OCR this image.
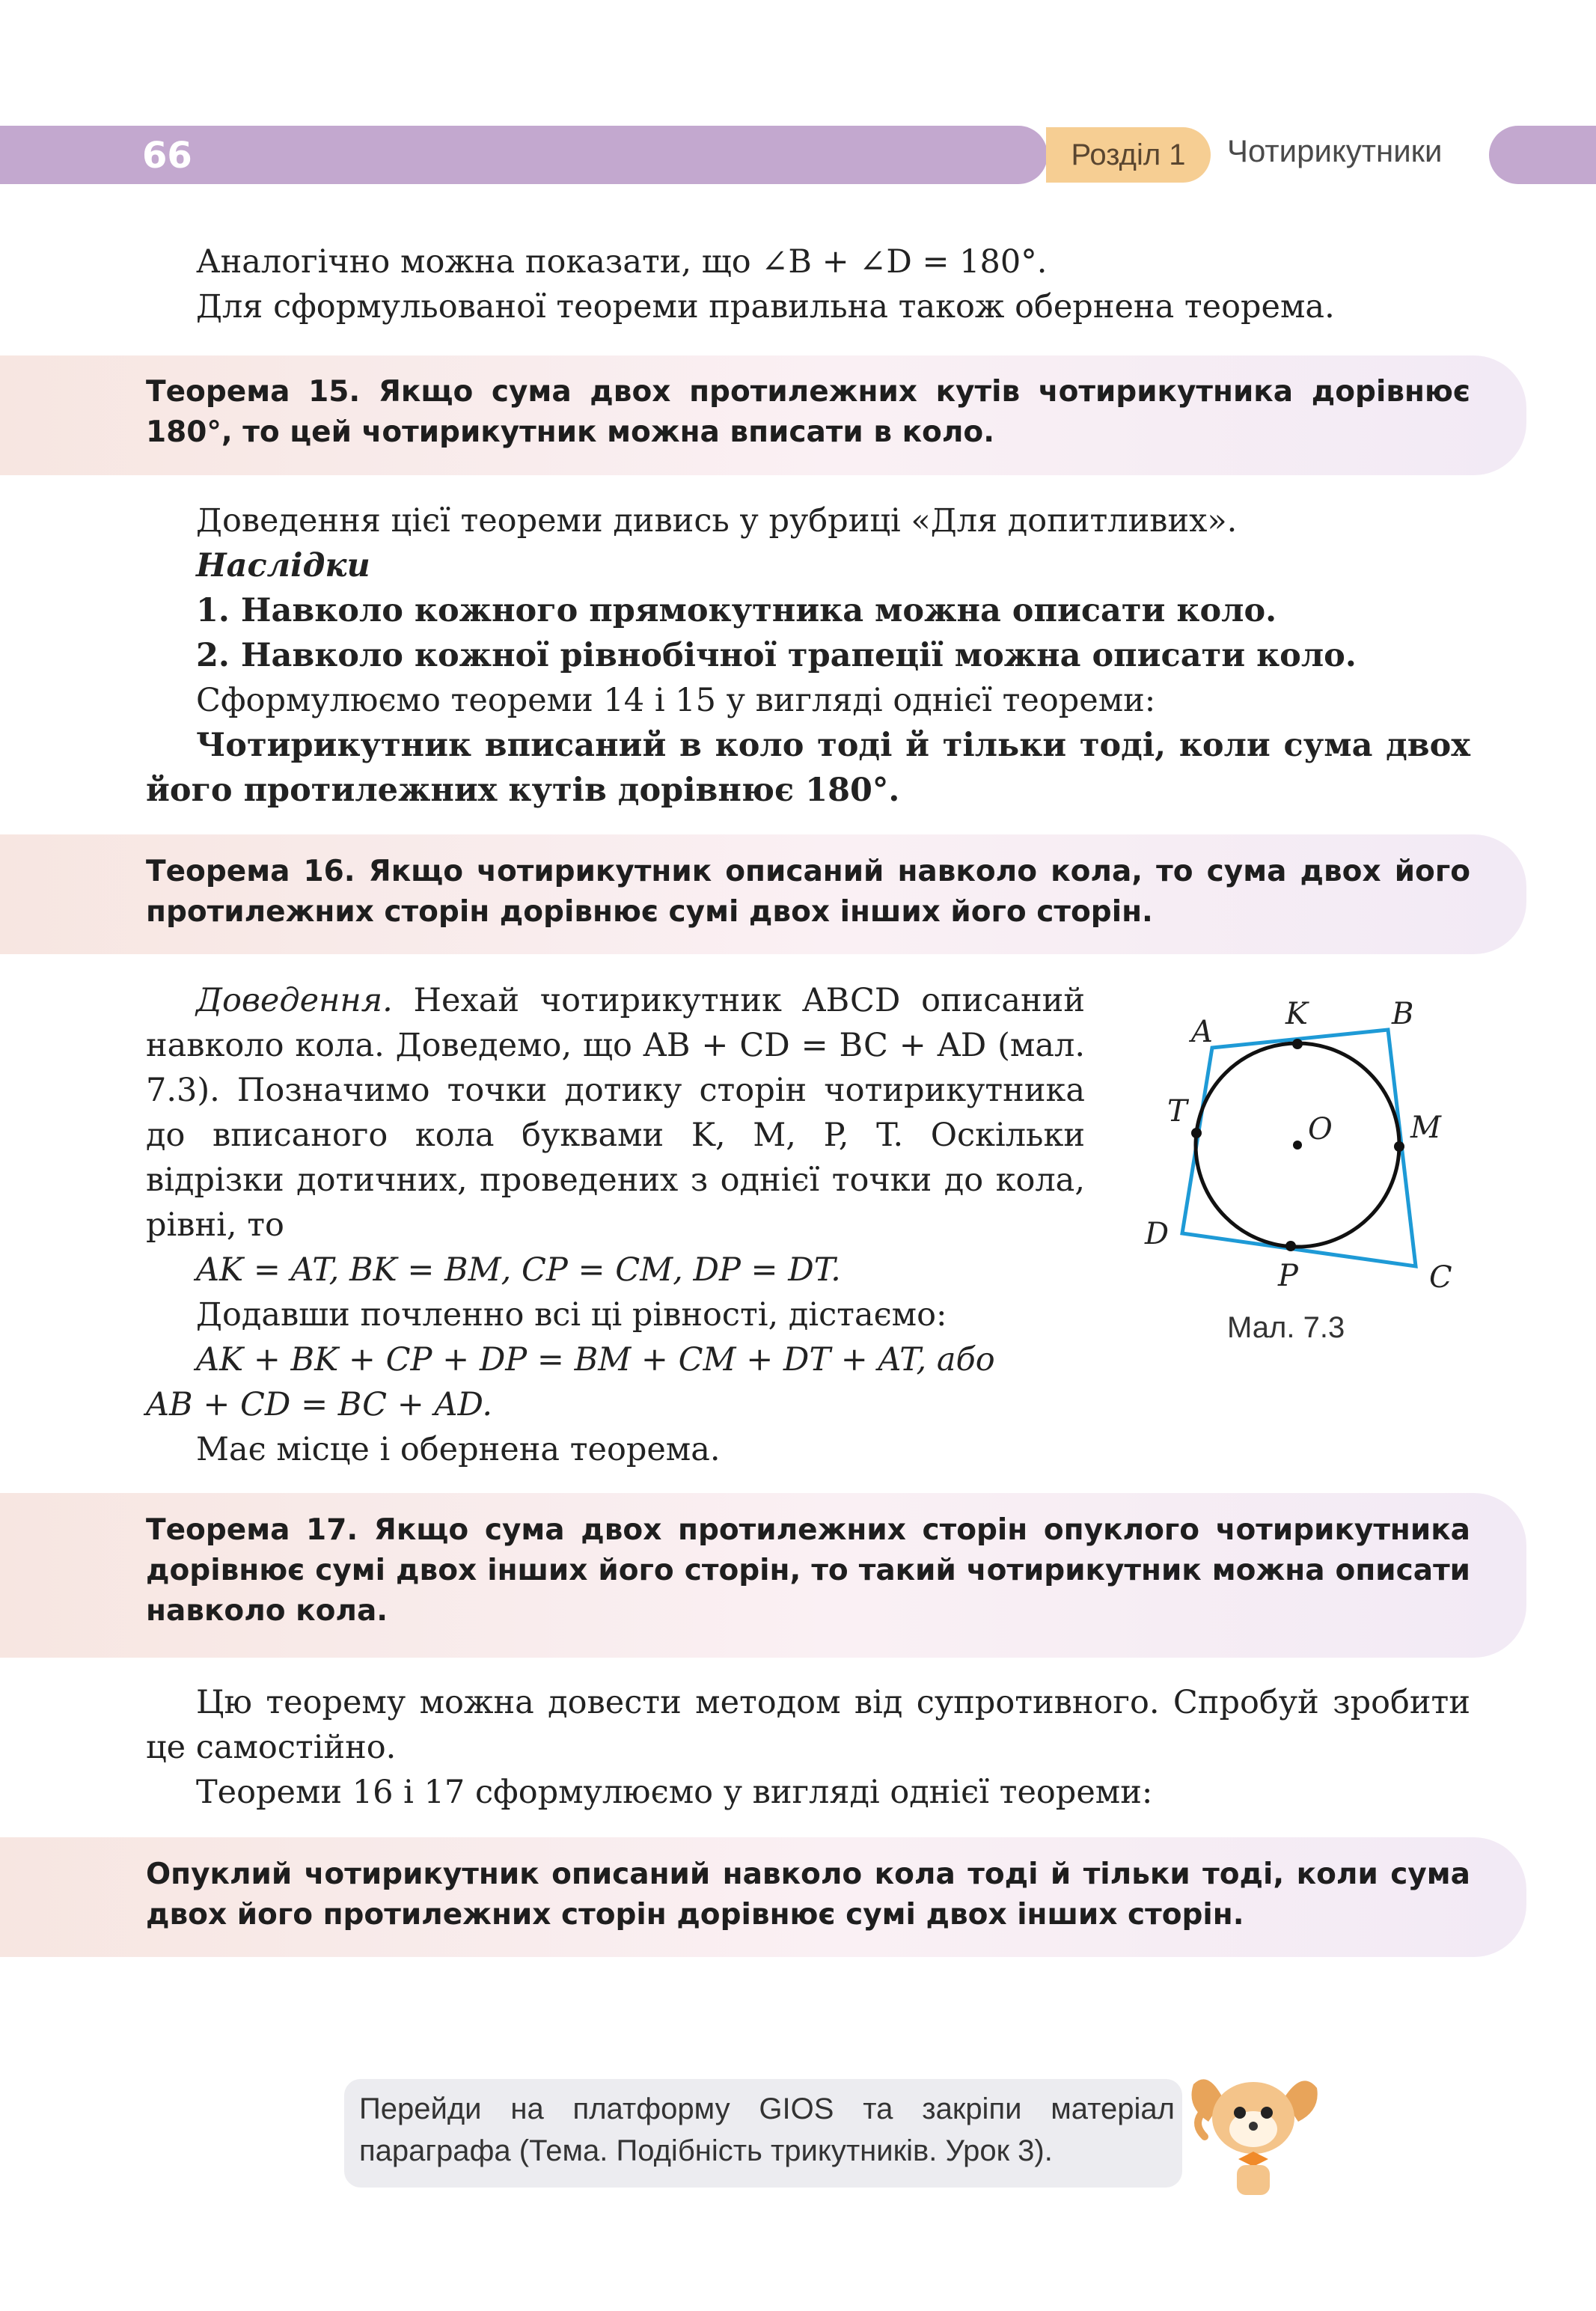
66	Розділ 1	Чотирикутники
Аналогічно можна показати, що ∠B + ∠D = 180°.
Для сформульованої теореми правильна також обернена теорема.
Теорема 15. Якщо сума двох протилежних кутів чотирикутника дорівнює 180°, то цей чотирикутник можна вписати в коло.
Доведення цієї теореми дивись у рубриці «Для допитливих».
Наслідки
1. Навколо кожного прямокутника можна описати коло.
2. Навколо кожної рівнобічної трапеції можна описати коло.
Сформулюємо теореми 14 і 15 у вигляді однієї теореми:
Чотирикутник вписаний в коло тоді й тільки тоді, коли сума двох його протилежних кутів дорівнює 180°.
Теорема 16. Якщо чотирикутник описаний навколо кола, то сума двох його протилежних сторін дорівнює сумі двох інших його сторін.
Доведення. Нехай чотирикутник ABCD описаний навколо кола. Доведемо, що AB + CD = BC + AD (мал. 7.3). Позначимо точки дотику сторін чотирикутника до вписаного кола буквами K, M, P, T. Оскільки відрізки дотичних, проведених з однієї точки до кола, рівні, то
AK = AT, BK = BM, CP = CM, DP = DT.
Додавши почленно всі ці рівності, дістаємо:
AK + BK + CP + DP = BM + CM + DT + AT, або
AB + CD = BC + AD.
Має місце і обернена теорема.
A
B
C
D
K
M
P
T
O
Мал. 7.3
Теорема 17. Якщо сума двох протилежних сторін опуклого чотирикутника дорівнює сумі двох інших його сторін, то такий чотирикутник можна описати навколо кола.
Цю теорему можна довести методом від супротивного. Спробуй зробити це самостійно.
Теореми 16 і 17 сформулюємо у вигляді однієї теореми:
Опуклий чотирикутник описаний навколо кола тоді й тільки тоді, коли сума двох його протилежних сторін дорівнює сумі двох інших сторін.
Перейди на платформу GIOS та закріпи матеріал параграфа (Тема. Подібність трикутників. Урок 3).
